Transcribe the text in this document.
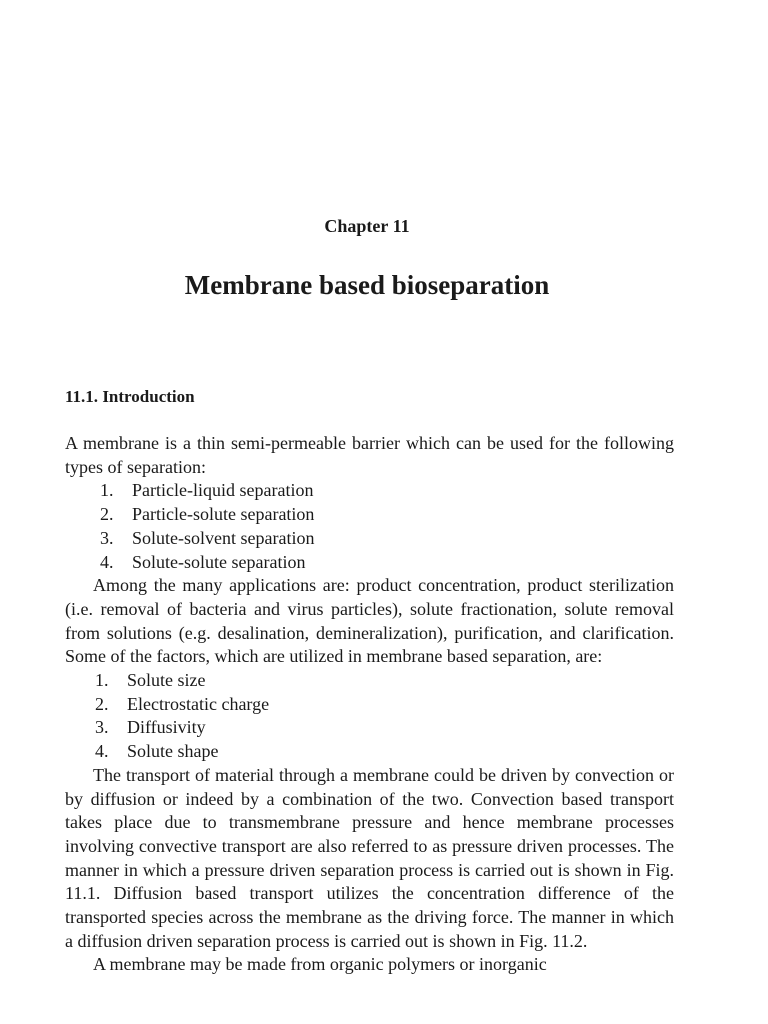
Chapter 11
Membrane based bioseparation
11.1. Introduction

A membrane is a thin semi-permeable barrier which can be used for the following types of separation:

1. Particle-liquid separation
2. Particle-solute separation
3. Solute-solvent separation
4. Solute-solute separation

Among the many applications are: product concentration, product sterilization (i.e. removal of bacteria and virus particles), solute fractionation, solute removal from solutions (e.g. desalination, demineralization), purification, and clarification. Some of the factors, which are utilized in membrane based separation, are:

1. Solute size
2. Electrostatic charge
3. Diffusivity
4. Solute shape

The transport of material through a membrane could be driven by convection or by diffusion or indeed by a combination of the two. Convection based transport takes place due to transmembrane pressure and hence membrane processes involving convective transport are also referred to as pressure driven processes. The manner in which a pressure driven separation process is carried out is shown in Fig. 11.1. Diffusion based transport utilizes the concentration difference of the transported species across the membrane as the driving force. The manner in which a diffusion driven separation process is carried out is shown in Fig. 11.2.

A membrane may be made from organic polymers or inorganic
